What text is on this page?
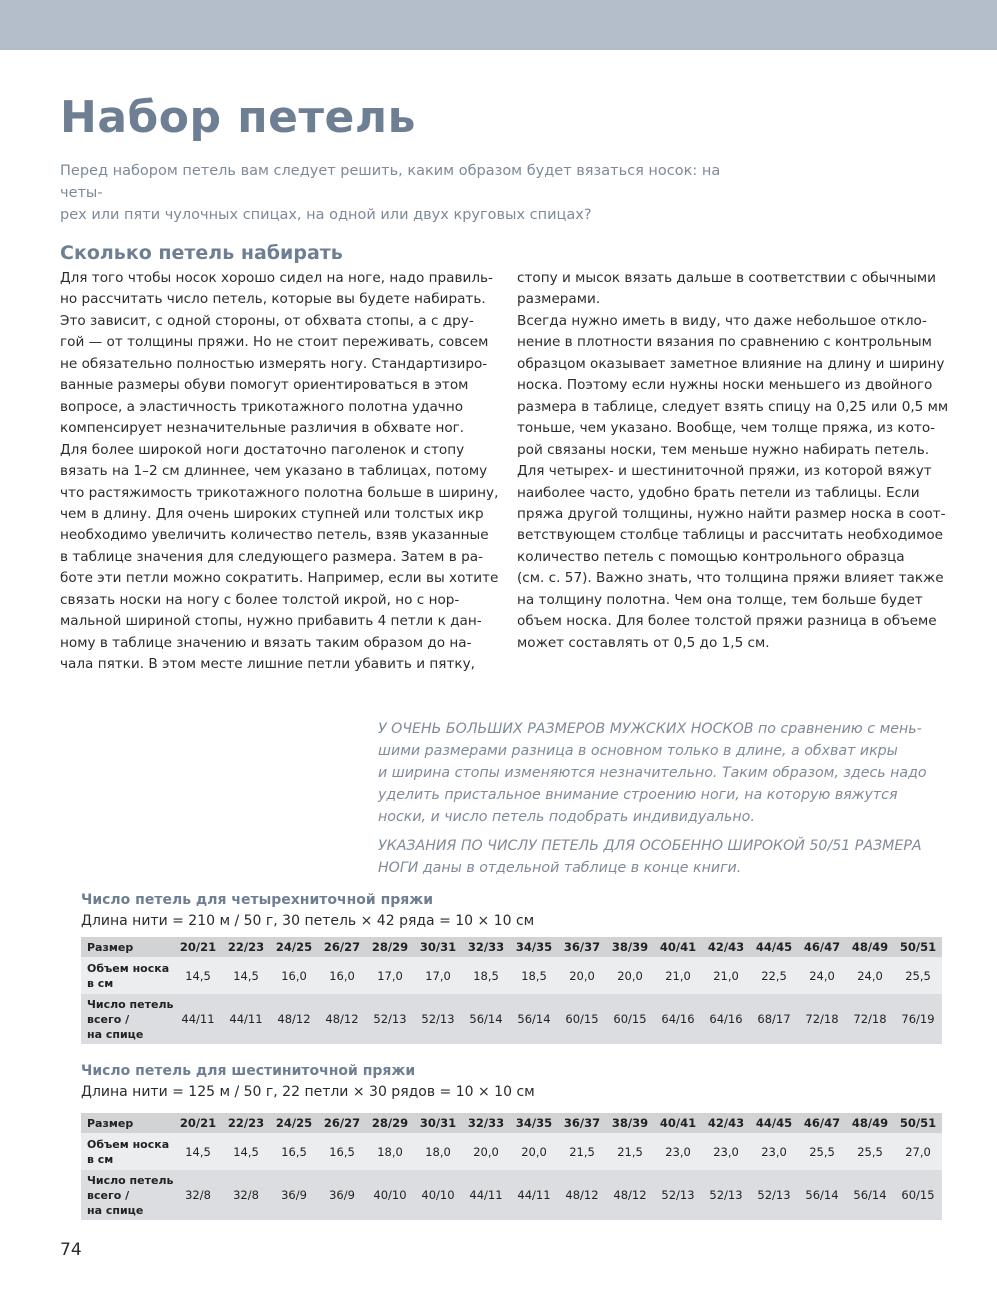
Набор петель

Перед набором петель вам следует решить, каким образом будет вязаться носок: на четы-
рех или пяти чулочных спицах, на одной или двух круговых спицах?

Сколько петель набирать
Для того чтобы носок хорошо сидел на ноге, надо правиль-
но рассчитать число петель, которые вы будете набирать.
Это зависит, с одной стороны, от обхвата стопы, а с дру-
гой — от толщины пряжи. Но не стоит переживать, совсем
не обязательно полностью измерять ногу. Стандартизиро-
ванные размеры обуви помогут ориентироваться в этом
вопросе, а эластичность трикотажного полотна удачно
компенсирует незначительные различия в обхвате ног.
Для более широкой ноги достаточно паголенок и стопу
вязать на 1–2 см длиннее, чем указано в таблицах, потому
что растяжимость трикотажного полотна больше в ширину,
чем в длину. Для очень широких ступней или толстых икр
необходимо увеличить количество петель, взяв указанные
в таблице значения для следующего размера. Затем в ра-
боте эти петли можно сократить. Например, если вы хотите
связать носки на ногу с более толстой икрой, но с нор-
мальной шириной стопы, нужно прибавить 4 петли к дан-
ному в таблице значению и вязать таким образом до на-
чала пятки. В этом месте лишние петли убавить и пятку,
стопу и мысок вязать дальше в соответствии с обычными
размерами.
Всегда нужно иметь в виду, что даже небольшое откло-
нение в плотности вязания по сравнению с контрольным
образцом оказывает заметное влияние на длину и ширину
носка. Поэтому если нужны носки меньшего из двойного
размера в таблице, следует взять спицу на 0,25 или 0,5 мм
тоньше, чем указано. Вообще, чем толще пряжа, из кото-
рой связаны носки, тем меньше нужно набирать петель.
Для четырех- и шестиниточной пряжи, из которой вяжут
наиболее часто, удобно брать петели из таблицы. Если
пряжа другой толщины, нужно найти размер носка в соот-
ветствующем столбце таблицы и рассчитать необходимое
количество петель с помощью контрольного образца
(см. с. 57). Важно знать, что толщина пряжи влияет также
на толщину полотна. Чем она толще, тем больше будет
объем носка. Для более толстой пряжи разница в объеме
может составлять от 0,5 до 1,5 см.
У ОЧЕНЬ БОЛЬШИХ РАЗМЕРОВ МУЖСКИХ НОСКОВ по сравнению с мень-
шими размерами разница в основном только в длине, а обхват икры
и ширина стопы изменяются незначительно. Таким образом, здесь надо
уделить пристальное внимание строению ноги, на которую вяжутся
носки, и число петель подобрать индивидуально.
УКАЗАНИЯ ПО ЧИСЛУ ПЕТЕЛЬ ДЛЯ ОСОБЕННО ШИРОКОЙ 50/51 РАЗМЕРА
НОГИ даны в отдельной таблице в конце книги.

Число петель для четырехниточной пряжи

Длина нити = 210 м / 50 г, 30 петель × 42 ряда = 10 × 10 см

Размер	20/21	22/23	24/25	26/27	28/29	30/31	32/33	34/35	36/37	38/39	40/41	42/43	44/45	46/47	48/49	50/51

Объем носка
в см	14,5	14,5	16,0	16,0	17,0	17,0	18,5	18,5	20,0	20,0	21,0	21,0	22,5	24,0	24,0	25,5

Число петель
всего /
на спице	44/11	44/11	48/12	48/12	52/13	52/13	56/14	56/14	60/15	60/15	64/16	64/16	68/17	72/18	72/18	76/19

Число петель для шестиниточной пряжи

Длина нити = 125 м / 50 г, 22 петли × 30 рядов = 10 × 10 см

Размер	20/21	22/23	24/25	26/27	28/29	30/31	32/33	34/35	36/37	38/39	40/41	42/43	44/45	46/47	48/49	50/51

Объем носка
в см	14,5	14,5	16,5	16,5	18,0	18,0	20,0	20,0	21,5	21,5	23,0	23,0	23,0	25,5	25,5	27,0

Число петель
всего /
на спице	32/8	32/8	36/9	36/9	40/10	40/10	44/11	44/11	48/12	48/12	52/13	52/13	52/13	56/14	56/14	60/15

74
